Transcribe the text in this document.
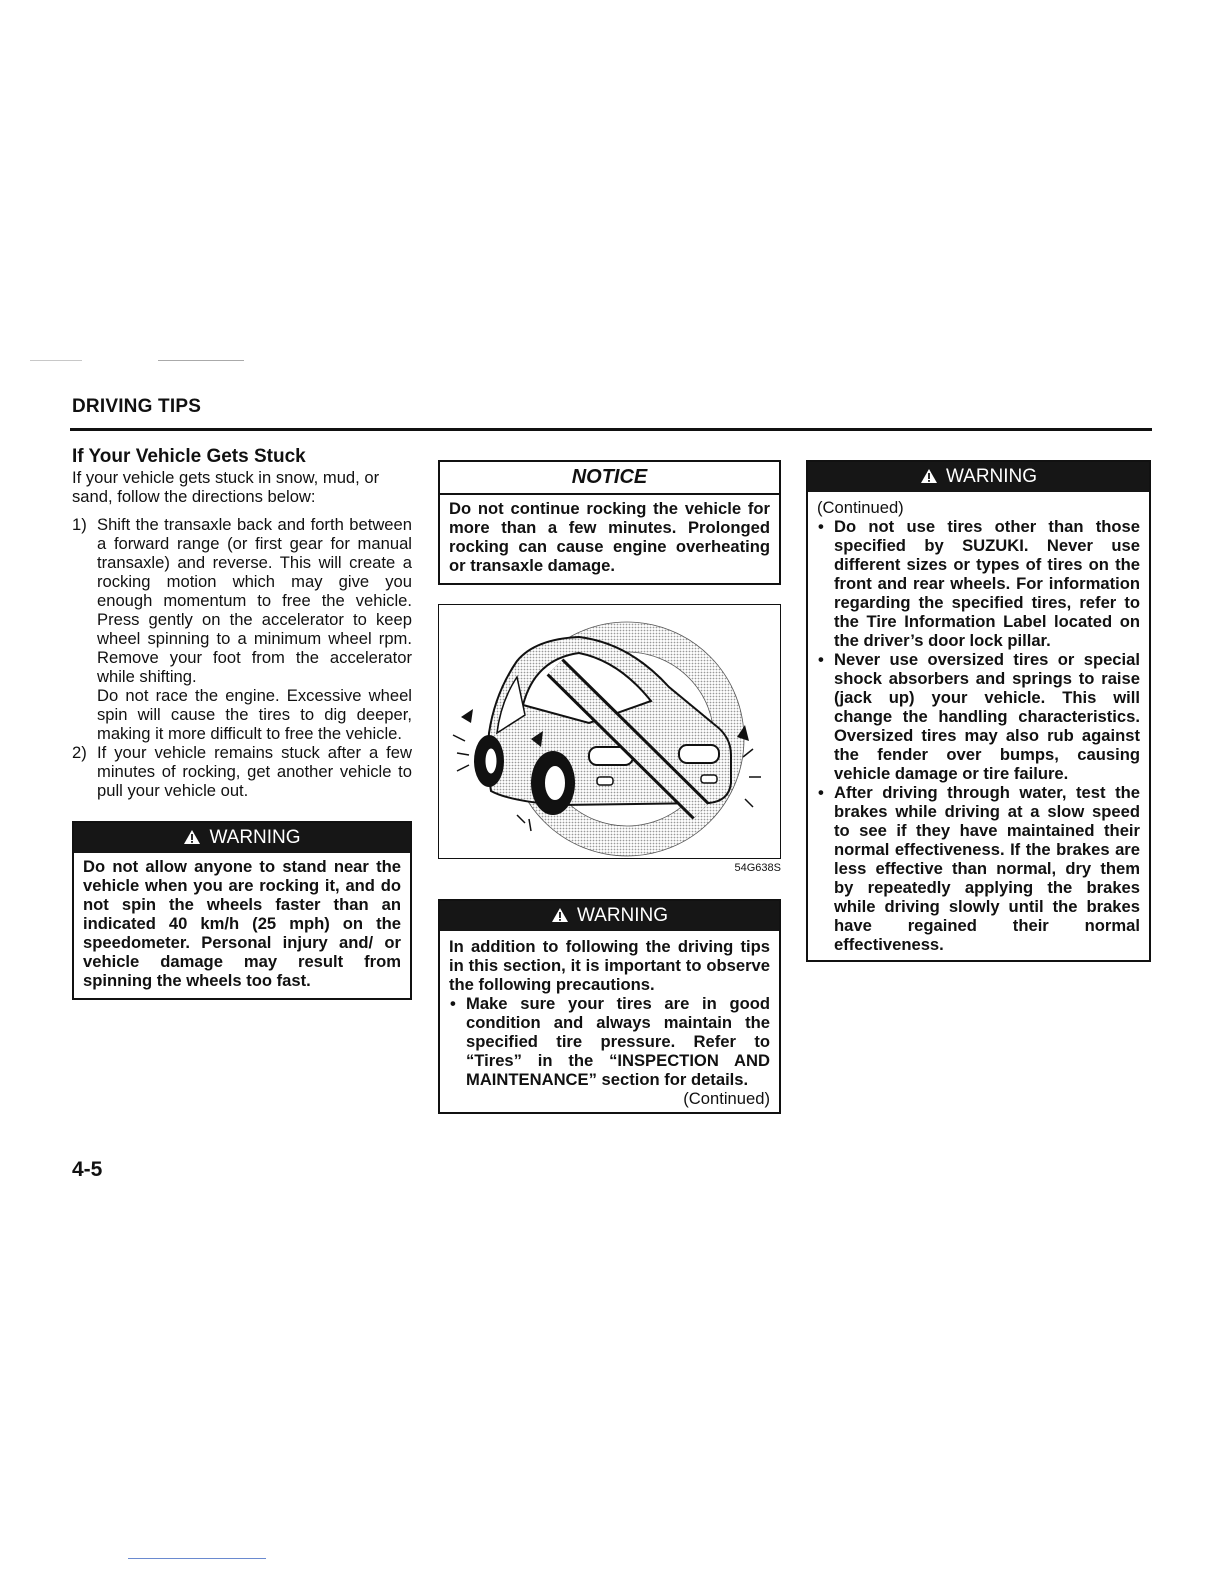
DRIVING TIPS
If Your Vehicle Gets Stuck

If your vehicle gets stuck in snow, mud, or sand, follow the directions below:

1) Shift the transaxle back and forth between a forward range (or first gear for manual transaxle) and reverse. This will create a rocking motion which may give you enough momentum to free the vehicle. Press gently on the accelerator to keep wheel spinning to a minimum wheel rpm. Remove your foot from the accelerator while shifting.
Do not race the engine. Excessive wheel spin will cause the tires to dig deeper, making it more difficult to free the vehicle.
2) If your vehicle remains stuck after a few minutes of rocking, get another vehicle to pull your vehicle out.
WARNING
Do not allow anyone to stand near the vehicle when you are rocking it, and do not spin the wheels faster than an indicated 40 km/h (25 mph) on the speedometer. Personal injury and/ or vehicle damage may result from spinning the wheels too fast.
NOTICE
Do not continue rocking the vehicle for more than a few minutes. Prolonged rocking can cause engine overheating or transaxle damage.
54G638S
WARNING

In addition to following the driving tips in this section, it is important to observe the following precautions.

• Make sure your tires are in good condition and always maintain the specified tire pressure. Refer to “Tires” in the “INSPECTION AND MAINTENANCE” section for details.

(Continued)

WARNING

(Continued)

• Do not use tires other than those specified by SUZUKI. Never use different sizes or types of tires on the front and rear wheels. For information regarding the specified tires, refer to the Tire Information Label located on the driver’s door lock pillar.
• Never use oversized tires or special shock absorbers and springs to raise (jack up) your vehicle. This will change the handling characteristics. Oversized tires may also rub against the fender over bumps, causing vehicle damage or tire failure.
• After driving through water, test the brakes while driving at a slow speed to see if they have maintained their normal effectiveness. If the brakes are less effective than normal, dry them by repeatedly applying the brakes while driving slowly until the brakes have regained their normal effectiveness.
4-5
